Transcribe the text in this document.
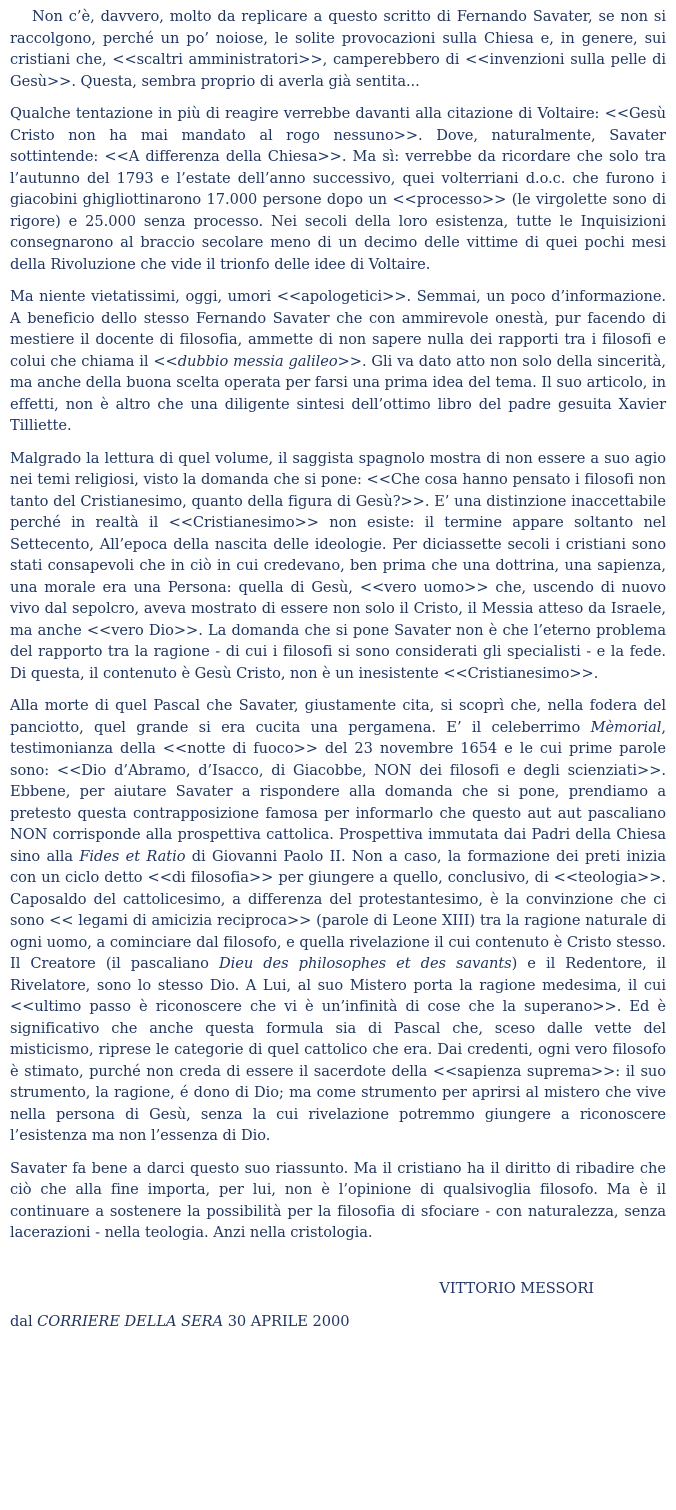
Non c’è, davvero, molto da replicare a questo scritto di Fernando Savater, se non si raccolgono, perché un po’ noiose, le solite provocazioni sulla Chiesa e, in genere, sui cristiani che, <<scaltri amministratori>>, camperebbero di <<invenzioni sulla pelle di Gesù>>. Questa, sembra proprio di averla già sentita...

Qualche tentazione in più di reagire verrebbe davanti alla citazione di Voltaire: <<Gesù Cristo non ha mai mandato al rogo nessuno>>. Dove, naturalmente, Savater sottintende: <<A differenza della Chiesa>>. Ma sì: verrebbe da ricordare che solo tra l’autunno del 1793 e l’estate dell’anno successivo, quei volterriani d.o.c. che furono i giacobini ghigliottinarono 17.000 persone dopo un <<processo>> (le virgolette sono di rigore) e 25.000 senza processo. Nei secoli della loro esistenza, tutte le Inquisizioni consegnarono al braccio secolare meno di un decimo delle vittime di quei pochi mesi della Rivoluzione che vide il trionfo delle idee di Voltaire.

Ma niente vietatissimi, oggi, umori <<apologetici>>. Semmai, un poco d’informazione. A beneficio dello stesso Fernando Savater che con ammirevole onestà, pur facendo di mestiere il docente di filosofia, ammette di non sapere nulla dei rapporti tra i filosofi e colui che chiama il <<dubbio messia galileo>>. Gli va dato atto non solo della sincerità, ma anche della buona scelta operata per farsi una prima idea del tema. Il suo articolo, in effetti, non è altro che una diligente sintesi dell’ottimo libro del padre gesuita Xavier Tilliette.

Malgrado la lettura di quel volume, il saggista spagnolo mostra di non essere a suo agio nei temi religiosi, visto la domanda che si pone: <<Che cosa hanno pensato i filosofi non tanto del Cristianesimo, quanto della figura di Gesù?>>. E’ una distinzione inaccettabile perché in realtà il <<Cristianesimo>> non esiste: il termine appare soltanto nel Settecento, All’epoca della nascita delle ideologie. Per diciassette secoli i cristiani sono stati consapevoli che in ciò in cui credevano, ben prima che una dottrina, una sapienza, una morale era una Persona: quella di Gesù, <<vero uomo>> che, uscendo di nuovo vivo dal sepolcro, aveva mostrato di essere non solo il Cristo, il Messia atteso da Israele, ma anche <<vero Dio>>. La domanda che si pone Savater non è che l’eterno problema del rapporto tra la ragione - di cui i filosofi si sono considerati gli specialisti - e la fede. Di questa, il contenuto è Gesù Cristo, non è un inesistente <<Cristianesimo>>.

Alla morte di quel Pascal che Savater, giustamente cita, si scoprì che, nella fodera del panciotto, quel grande si era cucita una pergamena. E’ il celeberrimo Mèmorial, testimonianza della <<notte di fuoco>> del 23 novembre 1654 e le cui prime parole sono: <<Dio d’Abramo, d’Isacco, di Giacobbe, NON dei filosofi e degli scienziati>>. Ebbene, per aiutare Savater a rispondere alla domanda che si pone, prendiamo a pretesto questa contrapposizione famosa per informarlo che questo aut aut pascaliano NON corrisponde alla prospettiva cattolica. Prospettiva immutata dai Padri della Chiesa sino alla Fides et Ratio di Giovanni Paolo II. Non a caso, la formazione dei preti inizia con un ciclo detto <<di filosofia>> per giungere a quello, conclusivo, di <<teologia>>. Caposaldo del cattolicesimo, a differenza del protestantesimo, è la convinzione che ci sono << legami di amicizia reciproca>> (parole di Leone XIII) tra la ragione naturale di ogni uomo, a cominciare dal filosofo, e quella rivelazione il cui contenuto è Cristo stesso. Il Creatore (il pascaliano Dieu des philosophes et des savants) e il Redentore, il Rivelatore, sono lo stesso Dio. A Lui, al suo Mistero porta la ragione medesima, il cui <<ultimo passo è riconoscere che vi è un’infinità di cose che la superano>>. Ed è significativo che anche questa formula sia di Pascal che, sceso dalle vette del misticismo, riprese le categorie di quel cattolico che era. Dai credenti, ogni vero filosofo è stimato, purché non creda di essere il sacerdote della <<sapienza suprema>>: il suo strumento, la ragione, é dono di Dio; ma come strumento per aprirsi al mistero che vive nella persona di Gesù, senza la cui rivelazione potremmo giungere a riconoscere l’esistenza ma non l’essenza di Dio.

Savater fa bene a darci questo suo riassunto. Ma il cristiano ha il diritto di ribadire che ciò che alla fine importa, per lui, non è l’opinione di qualsivoglia filosofo. Ma è il continuare a sostenere la possibilità per la filosofia di sfociare - con naturalezza, senza lacerazioni - nella teologia. Anzi nella cristologia.

VITTORIO MESSORI
dal CORRIERE DELLA SERA 30 APRILE 2000
